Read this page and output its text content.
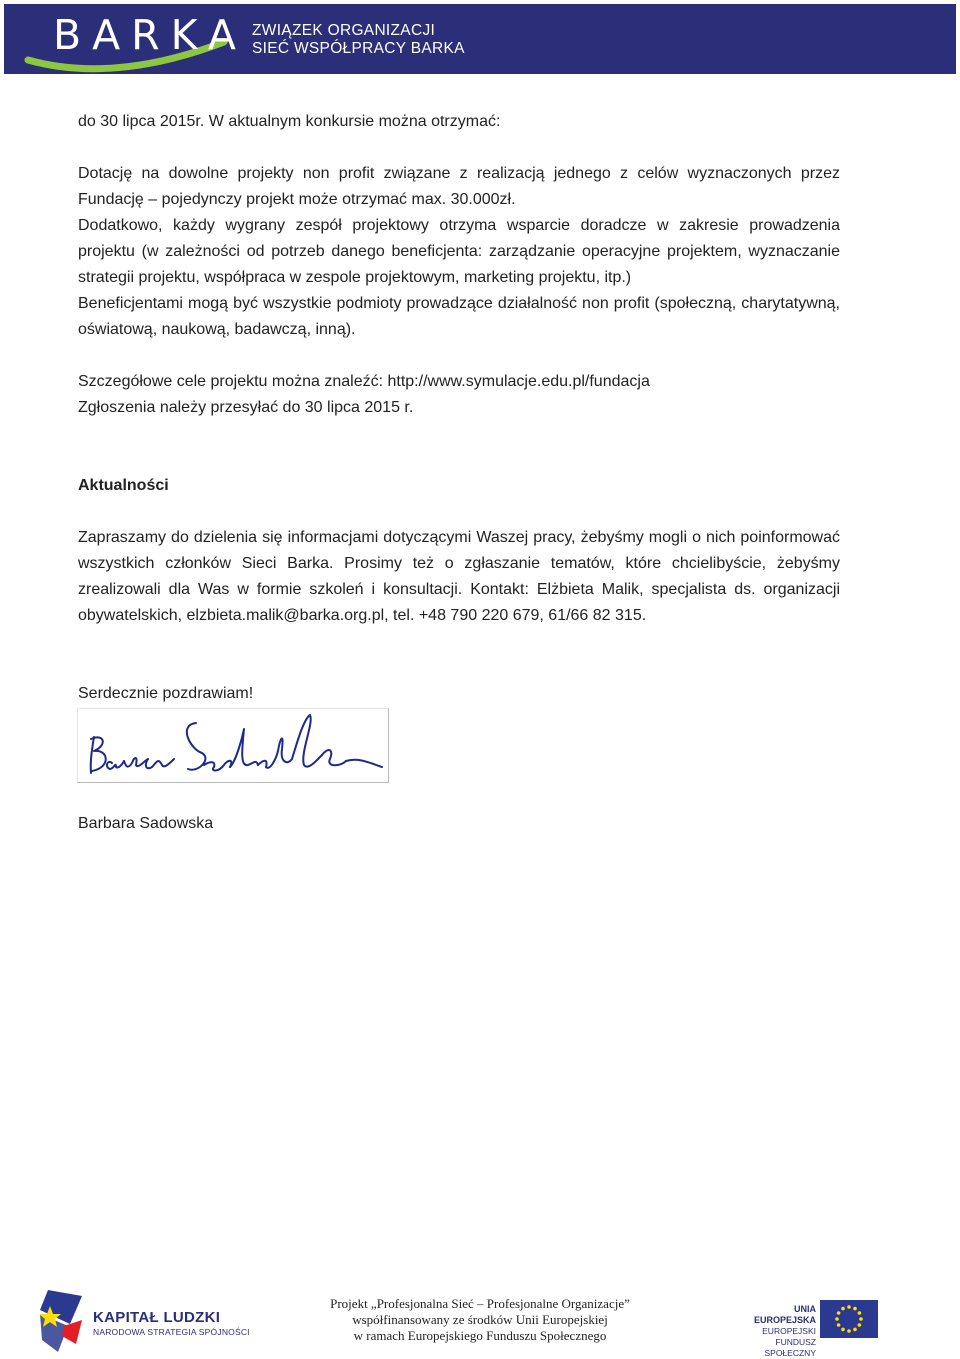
BARKA ZWIĄZEK ORGANIZACJI
SIEĆ WSPÓŁPRACY BARKA

do 30 lipca 2015r. W aktualnym konkursie można otrzymać:

Dotację na dowolne projekty non profit związane z realizacją jednego z celów wyznaczonych przez

Fundację – pojedynczy projekt może otrzymać max. 30.000zł.

Dodatkowo, każdy wygrany zespół projektowy otrzyma wsparcie doradcze w zakresie prowadzenia projektu (w zależności od potrzeb danego beneficjenta: zarządzanie operacyjne projektem, wyznaczanie strategii projektu, współpraca w zespole projektowym, marketing projektu, itp.)

Beneficjentami mogą być wszystkie podmioty prowadzące działalność non profit (społeczną, charytatywną, oświatową, naukową, badawczą, inną).

Szczegółowe cele projektu można znaleźć: http://www.symulacje.edu.pl/fundacja

Zgłoszenia należy przesyłać do 30 lipca 2015 r.

Aktualności

Zapraszamy do dzielenia się informacjami dotyczącymi Waszej pracy, żebyśmy mogli o nich poinformować wszystkich członków Sieci Barka. Prosimy też o zgłaszanie tematów, które chcielibyście, żebyśmy zrealizowali dla Was w formie szkoleń i konsultacji. Kontakt: Elżbieta Malik, specjalista ds. organizacji obywatelskich, elzbieta.malik@barka.org.pl, tel. +48 790 220 679, 61/66 82 315.

Serdecznie pozdrawiam!

Barbara Sadowska

KAPITAŁ LUDZKI
NARODOWA STRATEGIA SPÓJNOŚCI
Projekt „Profesjonalna Sieć – Profesjonalne Organizacje”
współfinansowany ze środków Unii Europejskiej
w ramach Europejskiego Funduszu Społecznego
UNIA EUROPEJSKA
EUROPEJSKI
FUNDUSZ SPOŁECZNY
